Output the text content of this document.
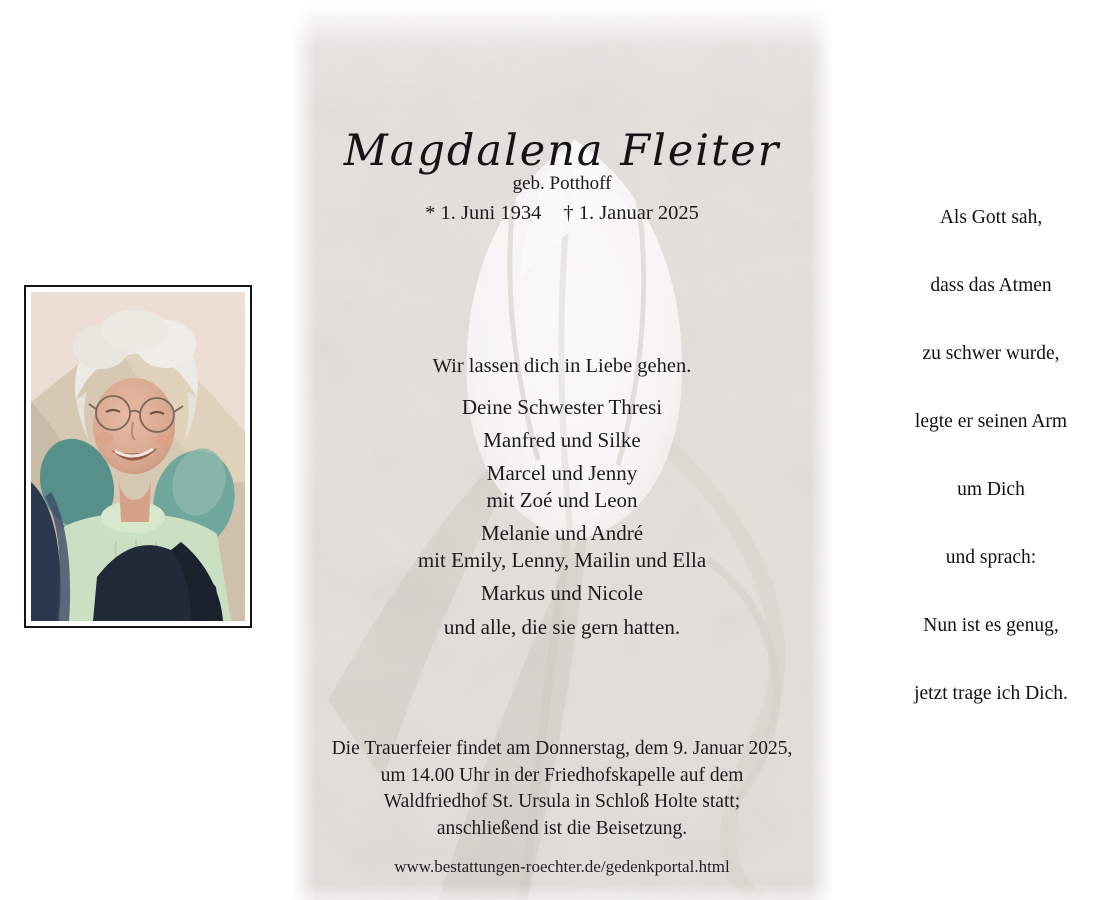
Magdalena Fleiter
geb. Potthoff
* 1. Juni 1934 † 1. Januar 2025
Wir lassen dich in Liebe gehen.
Deine Schwester Thresi
Manfred und Silke
Marcel und Jenny
mit Zoé und Leon
Melanie und André
mit Emily, Lenny, Mailin und Ella
Markus und Nicole
und alle, die sie gern hatten.
Die Trauerfeier findet am Donnerstag, dem 9. Januar 2025,
um 14.00 Uhr in der Friedhofskapelle auf dem
Waldfriedhof St. Ursula in Schloß Holte statt;
anschließend ist die Beisetzung.
www.bestattungen-roechter.de/gedenkportal.html
Als Gott sah,
dass das Atmen
zu schwer wurde,
legte er seinen Arm
um Dich
und sprach:
Nun ist es genug,
jetzt trage ich Dich.
